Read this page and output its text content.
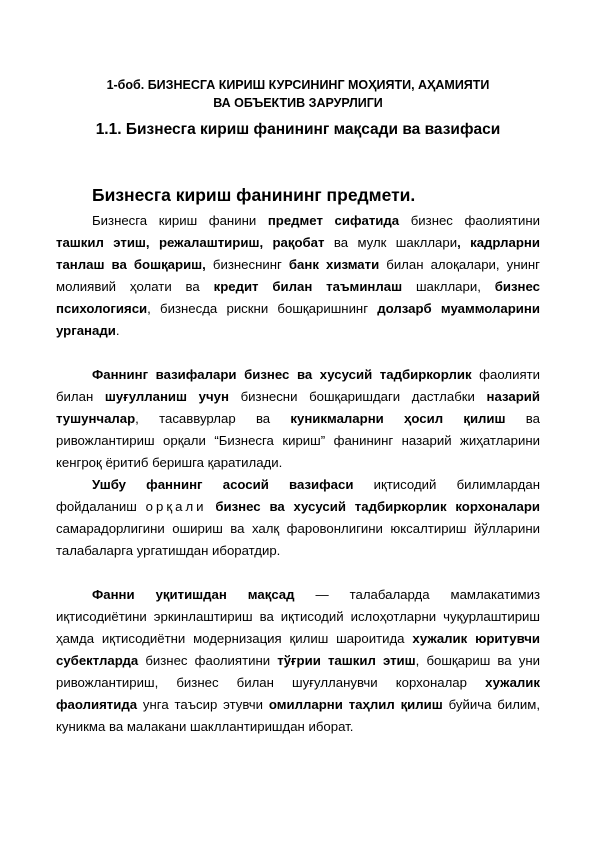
1-боб. БИЗНЕСГА КИРИШ КУРСИНИНГ МОҲИЯТИ, АҲАМИЯТИ
ВА ОБЪЕКТИВ ЗАРУРЛИГИ
1.1. Бизнесга кириш фанининг мақсади ва вазифаси
Бизнесга кириш фанининг предмети.

Бизнесга кириш фанини предмет сифатида бизнес фаолиятини ташкил этиш, режалаштириш, рақобат ва мулк шакллари, кадрларни танлаш ва бошқариш, бизнеснинг банк хизмати билан алоқалари, унинг молиявий ҳолати ва кредит билан таъминлаш шакллари, бизнес психологияси, бизнесда рискни бошқаришнинг долзарб муаммоларини урганади.

Фаннинг вазифалари бизнес ва хусусий тадбиркорлик фаолияти билан шуғулланиш учун бизнесни бошқаришдаги дастлабки назарий тушунчалар, тасаввурлар ва куникмаларни ҳосил қилиш ва ривожлантириш орқали “Бизнесга кириш” фанининг назарий жиҳатларини кенгроқ ёритиб беришга қаратилади.

Ушбу фаннинг асосий вазифаси иқтисодий билимлардан фойдаланиш орқали бизнес ва хусусий тадбиркорлик корхоналари самарадорлигини ошириш ва халқ фаровонлигини юксалтириш йўлларини талабаларга ургатишдан иборатдир.

Фанни уқитишдан мақсад — талабаларда мамлакатимиз иқтисодиётини эркинлаштириш ва иқтисодий ислоҳотларни чуқурлаштириш ҳамда иқтисодиётни модернизация қилиш шароитида хужалик юритувчи субектларда бизнес фаолиятини тўғрии ташкил этиш, бошқариш ва уни ривожлантириш, бизнес билан шуғулланувчи корхоналар хужалик фаолиятида унга таъсир этувчи омилларни таҳлил қилиш буйича билим, куникма ва малакани шакллантиришдан иборат.
